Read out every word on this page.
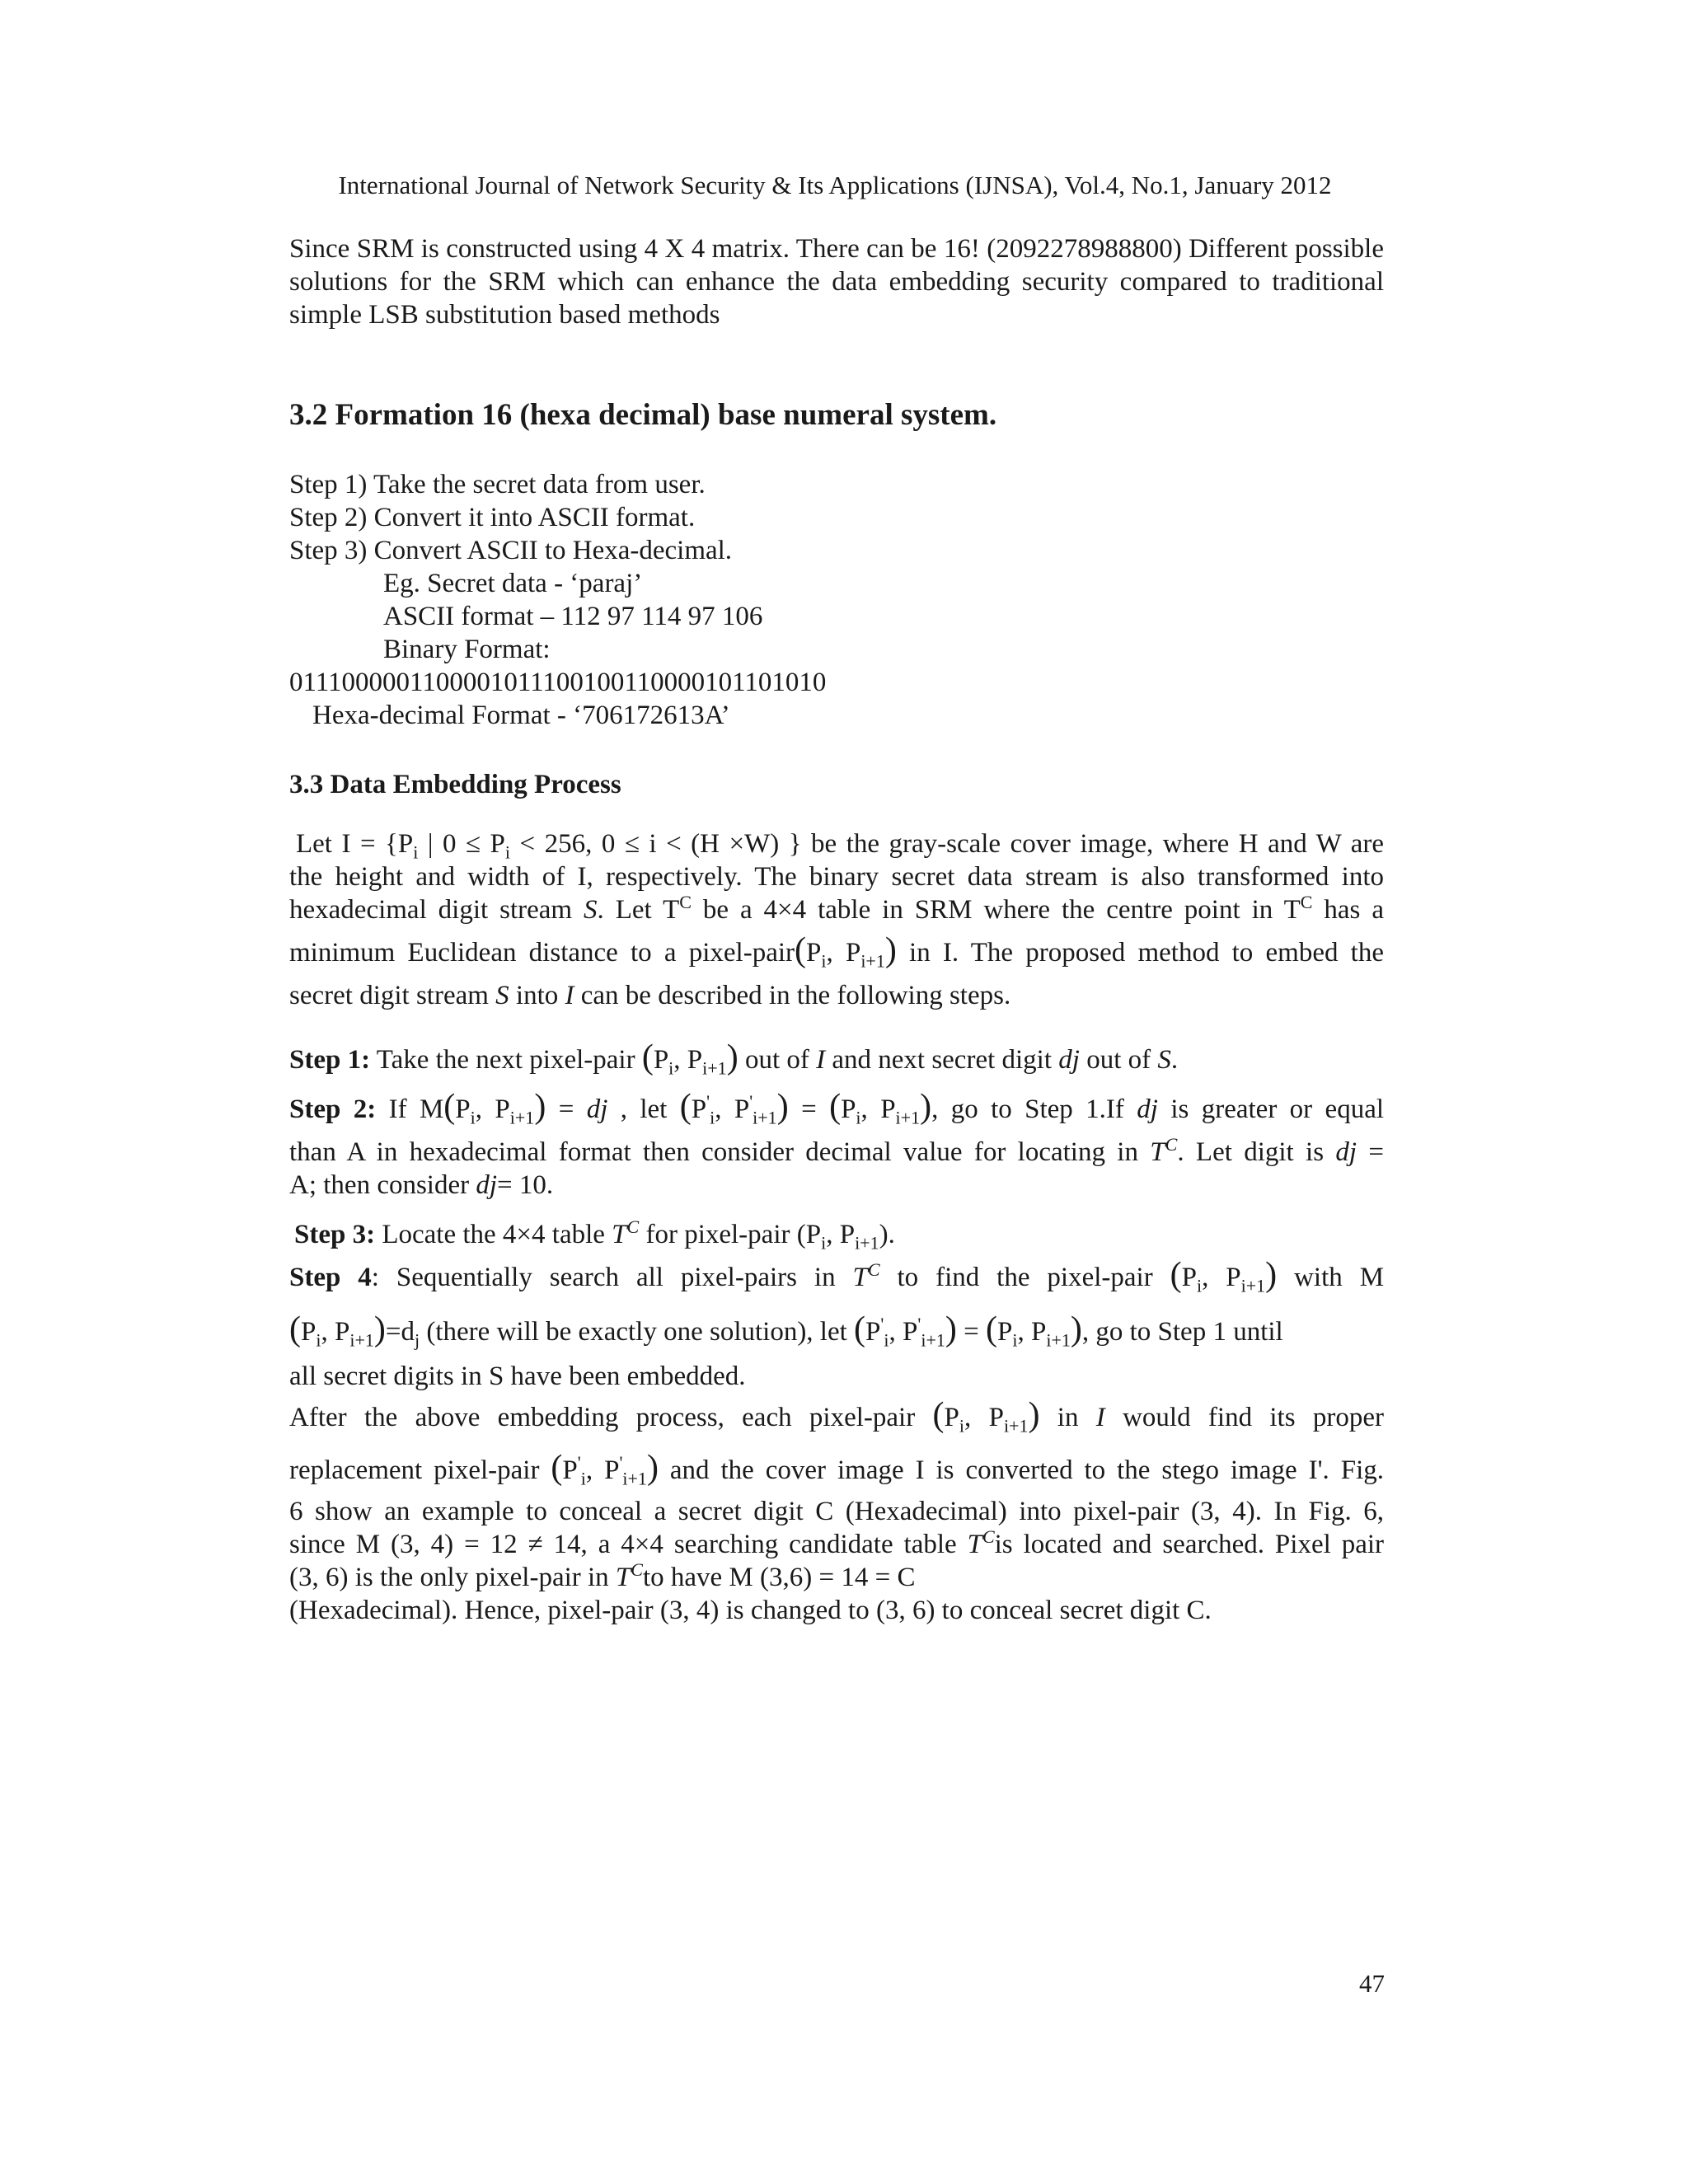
International Journal of Network Security & Its Applications (IJNSA), Vol.4, No.1, January 2012
Since SRM is constructed using 4 X 4 matrix. There can be 16! (2092278988800) Different possible solutions for the SRM which can enhance the data embedding security compared to traditional simple LSB substitution based methods
3.2 Formation 16 (hexa decimal) base numeral system.
Step 1) Take the secret data from user.
Step 2) Convert it into ASCII format.
Step 3) Convert ASCII to Hexa-decimal.
Eg. Secret data - ‘paraj’
ASCII format – 112 97 114 97 106
Binary Format:
0111000001100001011100100110000101101010
Hexa-decimal Format - ‘706172613A’
3.3 Data Embedding Process
Let $I = \{P_i$ | $0 \le P_i < 256$, 0 ≤ i < (H ×W) } be the gray-scale cover image, where H and W are
the height and width of I, respectively. The binary secret data stream is also transformed into
hexadecimal digit stream S. Let $T^C$ be a 4×4 table in SRM where the centre point in $T^C$ has a
minimum Euclidean distance to a pixel-$pair(P_i$, $P_{i+1}$) in I. The proposed method to embed the
secret digit stream S into I can be described in the following steps.
Step 1: Take the next pixel-pair ($P_i$, $P_{i+1}$) out of I and next secret digit dj out of S.
Step 2: If $M(P_i$, $P_{i+1}$) = dj , let ($P'_i$, $P'_{i+1}) = (P_i$, $P_{i+1}$), go to Step 1.If dj is greater or equal
than A in hexadecimal format then consider decimal value for locating in $T^C$. Let digit is dj =
A; then consider dj= 10.
Step 3: Locate the 4×4 table $T^C$ for pixel-pair ($P_i$, $P_{i+1}$).
Step 4: Sequentially search all pixel-pairs in $T^C$ to find the pixel-pair ($P_i$, $P_{i+1}$) with M
($P_i$, $P_{i+1})=d_j$ (there will be exactly one solution), let ($P'_i$, $P'_{i+1}) = (P_i$, $P_{i+1}$), go to Step 1 until
all secret digits in S have been embedded.
After the above embedding process, each pixel-pair ($P_i$, $P_{i+1}$) in I would find its proper
replacement pixel-pair ($P'_i$, $P'_{i+1}$) and the cover image I is converted to the stego image I'. Fig.
6 show an example to conceal a secret digit C (Hexadecimal) into pixel-pair (3, 4). In Fig. 6,
since M (3, 4) = 12 ≠ 14, a 4×4 searching candidate table $T^Cis$ located and searched. Pixel pair
(3, 6) is the only pixel-pair in $T^Cto$ have M (3,6) = 14 = C
(Hexadecimal). Hence, pixel-pair (3, 4) is changed to (3, 6) to conceal secret digit C.
47
